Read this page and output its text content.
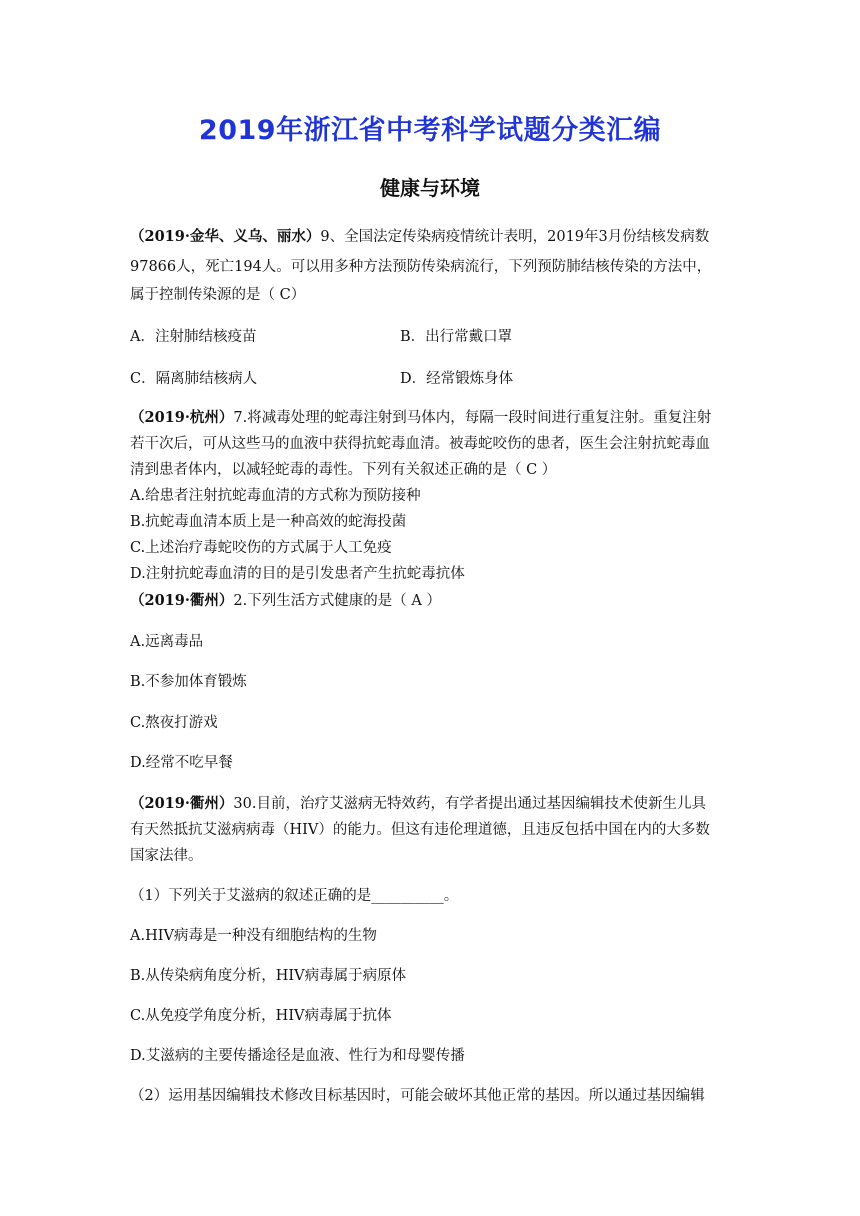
2019年浙江省中考科学试题分类汇编
健康与环境
（2019·金华、义乌、丽水）9、全国法定传染病疫情统计表明，2019年3月份结核发病数
97866人，死亡194人。可以用多种方法预防传染病流行，下列预防肺结核传染的方法中，
属于控制传染源的是（ C）
A．注射肺结核疫苗	B．出行常戴口罩
C．隔离肺结核病人	D．经常锻炼身体
（2019·杭州）7.将减毒处理的蛇毒注射到马体内，每隔一段时间进行重复注射。重复注射
若干次后，可从这些马的血液中获得抗蛇毒血清。被毒蛇咬伤的患者，医生会注射抗蛇毒血
清到患者体内，以减轻蛇毒的毒性。下列有关叙述正确的是（ C ）
A.给患者注射抗蛇毒血清的方式称为预防接种
B.抗蛇毒血清本质上是一种高效的蛇海投菌
C.上述治疗毒蛇咬伤的方式属于人工免疫
D.注射抗蛇毒血清的目的是引发患者产生抗蛇毒抗体
（2019·衢州）2.下列生活方式健康的是（ A ）
A.远离毒品
B.不参加体育锻炼
C.熬夜打游戏
D.经常不吃早餐
（2019·衢州）30.目前，治疗艾滋病无特效药，有学者提出通过基因编辑技术使新生儿具
有天然抵抗艾滋病病毒（HIV）的能力。但这有违伦理道德，且违反包括中国在内的大多数
国家法律。
（1）下列关于艾滋病的叙述正确的是__________。
A.HIV病毒是一种没有细胞结构的生物
B.从传染病角度分析，HIV病毒属于病原体
C.从免疫学角度分析，HIV病毒属于抗体
D.艾滋病的主要传播途径是血液、性行为和母婴传播
（2）运用基因编辑技术修改目标基因时，可能会破坏其他正常的基因。所以通过基因编辑
